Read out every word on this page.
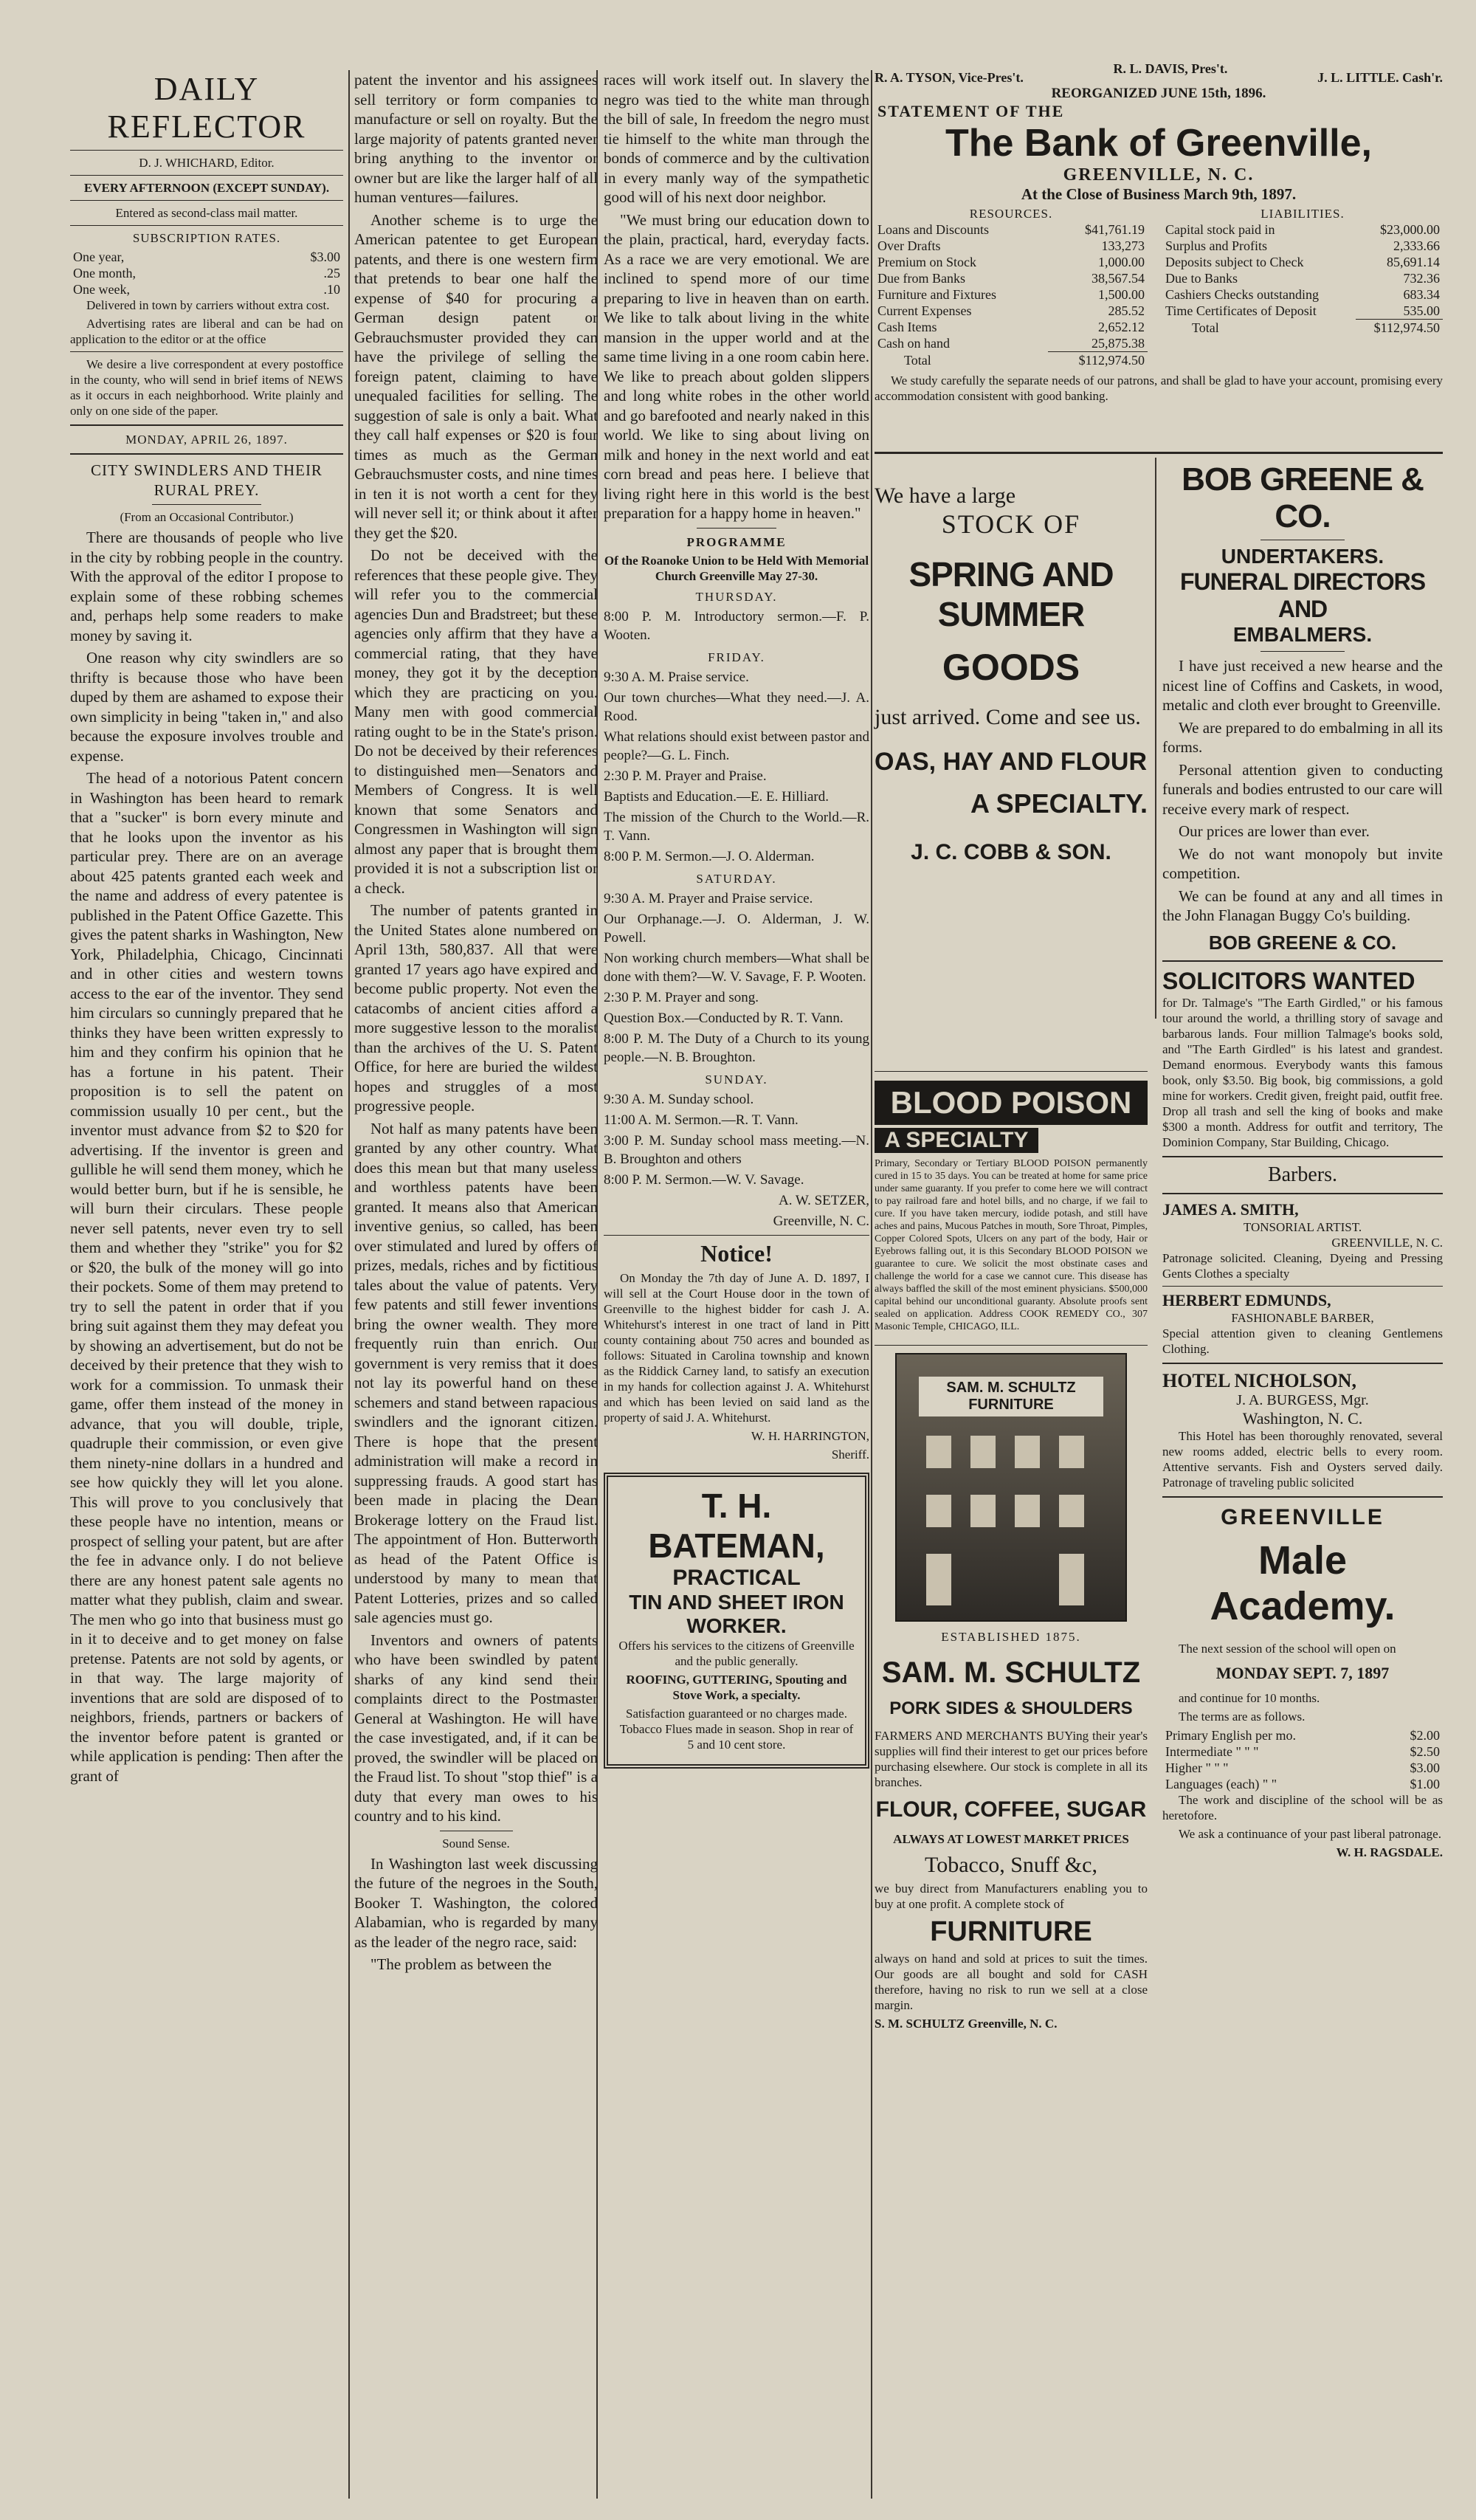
DAILY REFLECTOR

D. J. WHICHARD, Editor.

EVERY AFTERNOON (EXCEPT SUNDAY).

Entered as second-class mail matter.

SUBSCRIPTION RATES.

One year,	$3.00
One month,	.25
One week,	.10

Delivered in town by carriers without extra cost.

Advertising rates are liberal and can be had on application to the editor or at the office

We desire a live correspondent at every postoffice in the county, who will send in brief items of NEWS as it occurs in each neighborhood. Write plainly and only on one side of the paper.

MONDAY, APRIL 26, 1897.

CITY SWINDLERS AND THEIR RURAL PREY.

(From an Occasional Contributor.)

There are thousands of people who live in the city by robbing people in the country. With the approval of the editor I propose to explain some of these robbing schemes and, perhaps help some readers to make money by saving it.

One reason why city swindlers are so thrifty is because those who have been duped by them are ashamed to expose their own simplicity in being "taken in," and also because the exposure involves trouble and expense.

The head of a notorious Patent concern in Washington has been heard to remark that a "sucker" is born every minute and that he looks upon the inventor as his particular prey. There are on an average about 425 patents granted each week and the name and address of every patentee is published in the Patent Office Gazette. This gives the patent sharks in Washington, New York, Philadelphia, Chicago, Cincinnati and in other cities and western towns access to the ear of the inventor. They send him circulars so cunningly prepared that he thinks they have been written expressly to him and they confirm his opinion that he has a fortune in his patent. Their proposition is to sell the patent on commission usually 10 per cent., but the inventor must advance from $2 to $20 for advertising. If the inventor is green and gullible he will send them money, which he would better burn, but if he is sensible, he will burn their circulars. These people never sell patents, never even try to sell them and whether they "strike" you for $2 or $20, the bulk of the money will go into their pockets. Some of them may pretend to try to sell the patent in order that if you bring suit against them they may defeat you by showing an advertisement, but do not be deceived by their pretence that they wish to work for a commission. To unmask their game, offer them instead of the money in advance, that you will double, triple, quadruple their commission, or even give them ninety-nine dollars in a hundred and see how quickly they will let you alone. This will prove to you conclusively that these people have no intention, means or prospect of selling your patent, but are after the fee in advance only. I do not believe there are any honest patent sale agents no matter what they publish, claim and swear. The men who go into that business must go in it to deceive and to get money on false pretense. Patents are not sold by agents, or in that way. The large majority of inventions that are sold are disposed of to neighbors, friends, partners or backers of the inventor before patent is granted or while application is pending: Then after the grant of

patent the inventor and his assignees sell territory or form companies to manufacture or sell on royalty. But the large majority of patents granted never bring anything to the inventor or owner but are like the larger half of all human ventures—failures.

Another scheme is to urge the American patentee to get European patents, and there is one western firm that pretends to bear one half the expense of $40 for procuring a German design patent or Gebrauchsmuster provided they can have the privilege of selling the foreign patent, claiming to have unequaled facilities for selling. The suggestion of sale is only a bait. What they call half expenses or $20 is four times as much as the German Gebrauchsmuster costs, and nine times in ten it is not worth a cent for they will never sell it; or think about it after they get the $20.

Do not be deceived with the references that these people give. They will refer you to the commercial agencies Dun and Bradstreet; but these agencies only affirm that they have a commercial rating, that they have money, they got it by the deception which they are practicing on you. Many men with good commercial rating ought to be in the State's prison. Do not be deceived by their references to distinguished men—Senators and Members of Congress. It is well known that some Senators and Congressmen in Washington will sign almost any paper that is brought them provided it is not a subscription list or a check.

The number of patents granted in the United States alone numbered on April 13th, 580,837. All that were granted 17 years ago have expired and become public property. Not even the catacombs of ancient cities afford a more suggestive lesson to the moralist than the archives of the U. S. Patent Office, for here are buried the wildest hopes and struggles of a most progressive people.

Not half as many patents have been granted by any other country. What does this mean but that many useless and worthless patents have been granted. It means also that American inventive genius, so called, has been over stimulated and lured by offers of prizes, medals, riches and by fictitious tales about the value of patents. Very few patents and still fewer inventions bring the owner wealth. They more frequently ruin than enrich. Our government is very remiss that it does not lay its powerful hand on these schemers and stand between rapacious swindlers and the ignorant citizen. There is hope that the present administration will make a record in suppressing frauds. A good start has been made in placing the Dean Brokerage lottery on the Fraud list. The appointment of Hon. Butterworth as head of the Patent Office is understood by many to mean that Patent Lotteries, prizes and so called sale agencies must go.

Inventors and owners of patents who have been swindled by patent sharks of any kind send their complaints direct to the Postmaster General at Washington. He will have the case investigated, and, if it can be proved, the swindler will be placed on the Fraud list. To shout "stop thief" is a duty that every man owes to his country and to his kind.

Sound Sense.

In Washington last week discussing the future of the negroes in the South, Booker T. Washington, the colored Alabamian, who is regarded by many as the leader of the negro race, said:

"The problem as between the

races will work itself out. In slavery the negro was tied to the white man through the bill of sale, In freedom the negro must tie himself to the white man through the bonds of commerce and by the cultivation in every manly way of the sympathetic good will of his next door neighbor.

"We must bring our education down to the plain, practical, hard, everyday facts. As a race we are very emotional. We are inclined to spend more of our time preparing to live in heaven than on earth. We like to talk about living in the white mansion in the upper world and at the same time living in a one room cabin here. We like to preach about golden slippers and long white robes in the other world and go barefooted and nearly naked in this world. We like to sing about living on milk and honey in the next world and eat corn bread and peas here. I believe that living right here in this world is the best preparation for a happy home in heaven."

PROGRAMME

Of the Roanoke Union to be Held With Memorial Church Greenville May 27-30.

THURSDAY.

8:00 P. M. Introductory sermon.—F. P. Wooten.

FRIDAY.

9:30 A. M. Praise service.

Our town churches—What they need.—J. A. Rood.

What relations should exist between pastor and people?—G. L. Finch.

2:30 P. M. Prayer and Praise.

Baptists and Education.—E. E. Hilliard.

The mission of the Church to the World.—R. T. Vann.

8:00 P. M. Sermon.—J. O. Alderman.

SATURDAY.

9:30 A. M. Prayer and Praise service.

Our Orphanage.—J. O. Alderman, J. W. Powell.

Non working church members—What shall be done with them?—W. V. Savage, F. P. Wooten.

2:30 P. M. Prayer and song.

Question Box.—Conducted by R. T. Vann.

8:00 P. M. The Duty of a Church to its young people.—N. B. Broughton.

SUNDAY.

9:30 A. M. Sunday school.

11:00 A. M. Sermon.—R. T. Vann.

3:00 P. M. Sunday school mass meeting.—N. B. Broughton and others

8:00 P. M. Sermon.—W. V. Savage.

A. W. SETZER,

Greenville, N. C.

Notice!

On Monday the 7th day of June A. D. 1897, I will sell at the Court House door in the town of Greenville to the highest bidder for cash J. A. Whitehurst's interest in one tract of land in Pitt county containing about 750 acres and bounded as follows: Situated in Carolina township and known as the Riddick Carney land, to satisfy an execution in my hands for collection against J. A. Whitehurst and which has been levied on said land as the property of said J. A. Whitehurst.

W. H. HARRINGTON,

Sheriff.

T. H. BATEMAN,
PRACTICAL
TIN AND SHEET IRON
WORKER.

Offers his services to the citizens of Greenville and the public generally.

ROOFING, GUTTERING, Spouting and Stove Work, a specialty.

Satisfaction guaranteed or no charges made. Tobacco Flues made in season. Shop in rear of 5 and 10 cent store.

R. A. TYSON, Vice-Pres't.
R. L. DAVIS, Pres't.
J. L. LITTLE. Cash'r.
REORGANIZED JUNE 15th, 1896.
STATEMENT OF THE
The Bank of Greenville,
GREENVILLE, N. C.
At the Close of Business March 9th, 1897.
RESOURCES.
Loans and Discounts	$41,761.19
Over Drafts	133,273
Premium on Stock	1,000.00
Due from Banks	38,567.54
Furniture and Fixtures	1,500.00
Current Expenses	285.52
Cash Items	2,652.12
Cash on hand	25,875.38
Total	$112,974.50
LIABILITIES.
Capital stock paid in	$23,000.00
Surplus and Profits	2,333.66
Deposits subject to Check	85,691.14
Due to Banks	732.36
Cashiers Checks outstanding	683.34
Time Certificates of Deposit	535.00
Total	$112,974.50

We study carefully the separate needs of our patrons, and shall be glad to have your account, promising every accommodation consistent with good banking.

We have a large
STOCK OF
SPRING AND SUMMER
GOODS
just arrived. Come and see us.
OAS, HAY AND FLOUR
A SPECIALTY.
J. C. COBB & SON.
BLOOD POISON
A SPECIALTY

Primary, Secondary or Tertiary BLOOD POISON permanently cured in 15 to 35 days. You can be treated at home for same price under same guaranty. If you prefer to come here we will contract to pay railroad fare and hotel bills, and no charge, if we fail to cure. If you have taken mercury, iodide potash, and still have aches and pains, Mucous Patches in mouth, Sore Throat, Pimples, Copper Colored Spots, Ulcers on any part of the body, Hair or Eyebrows falling out, it is this Secondary BLOOD POISON we guarantee to cure. We solicit the most obstinate cases and challenge the world for a case we cannot cure. This disease has always baffled the skill of the most eminent physicians. $500,000 capital behind our unconditional guaranty. Absolute proofs sent sealed on application. Address COOK REMEDY CO., 307 Masonic Temple, CHICAGO, ILL.

SAM. M. SCHULTZ FURNITURE
ESTABLISHED 1875.
SAM. M. SCHULTZ
PORK SIDES & SHOULDERS

FARMERS AND MERCHANTS BUYing their year's supplies will find their interest to get our prices before purchasing elsewhere. Our stock is complete in all its branches.

FLOUR, COFFEE, SUGAR
ALWAYS AT LOWEST MARKET PRICES
Tobacco, Snuff &c,

we buy direct from Manufacturers enabling you to buy at one profit. A complete stock of

FURNITURE

always on hand and sold at prices to suit the times. Our goods are all bought and sold for CASH therefore, having no risk to run we sell at a close margin.

S. M. SCHULTZ Greenville, N. C.
BOB GREENE & CO.
UNDERTAKERS.
FUNERAL DIRECTORS AND
EMBALMERS.

I have just received a new hearse and the nicest line of Coffins and Caskets, in wood, metalic and cloth ever brought to Greenville.

We are prepared to do embalming in all its forms.

Personal attention given to conducting funerals and bodies entrusted to our care will receive every mark of respect.

Our prices are lower than ever.

We do not want monopoly but invite competition.

We can be found at any and all times in the John Flanagan Buggy Co's building.

BOB GREENE & CO.
SOLICITORS WANTED

for Dr. Talmage's "The Earth Girdled," or his famous tour around the world, a thrilling story of savage and barbarous lands. Four million Talmage's books sold, and "The Earth Girdled" is his latest and grandest. Demand enormous. Everybody wants this famous book, only $3.50. Big book, big commissions, a gold mine for workers. Credit given, freight paid, outfit free. Drop all trash and sell the king of books and make $300 a month. Address for outfit and territory, The Dominion Company, Star Building, Chicago.

Barbers.
JAMES A. SMITH,
TONSORIAL ARTIST.
GREENVILLE, N. C.

Patronage solicited. Cleaning, Dyeing and Pressing Gents Clothes a specialty

HERBERT EDMUNDS,
FASHIONABLE BARBER,

Special attention given to cleaning Gentlemens Clothing.

HOTEL NICHOLSON,
J. A. BURGESS, Mgr.
Washington, N. C.

This Hotel has been thoroughly renovated, several new rooms added, electric bells to every room. Attentive servants. Fish and Oysters served daily. Patronage of traveling public solicited

GREENVILLE
Male Academy.

The next session of the school will open on

MONDAY SEPT. 7, 1897

and continue for 10 months.

The terms are as follows.

Primary English per mo.	$2.00
Intermediate " " "	$2.50
Higher " " "	$3.00
Languages (each) " "	$1.00

The work and discipline of the school will be as heretofore.

We ask a continuance of your past liberal patronage.

W. H. RAGSDALE.
